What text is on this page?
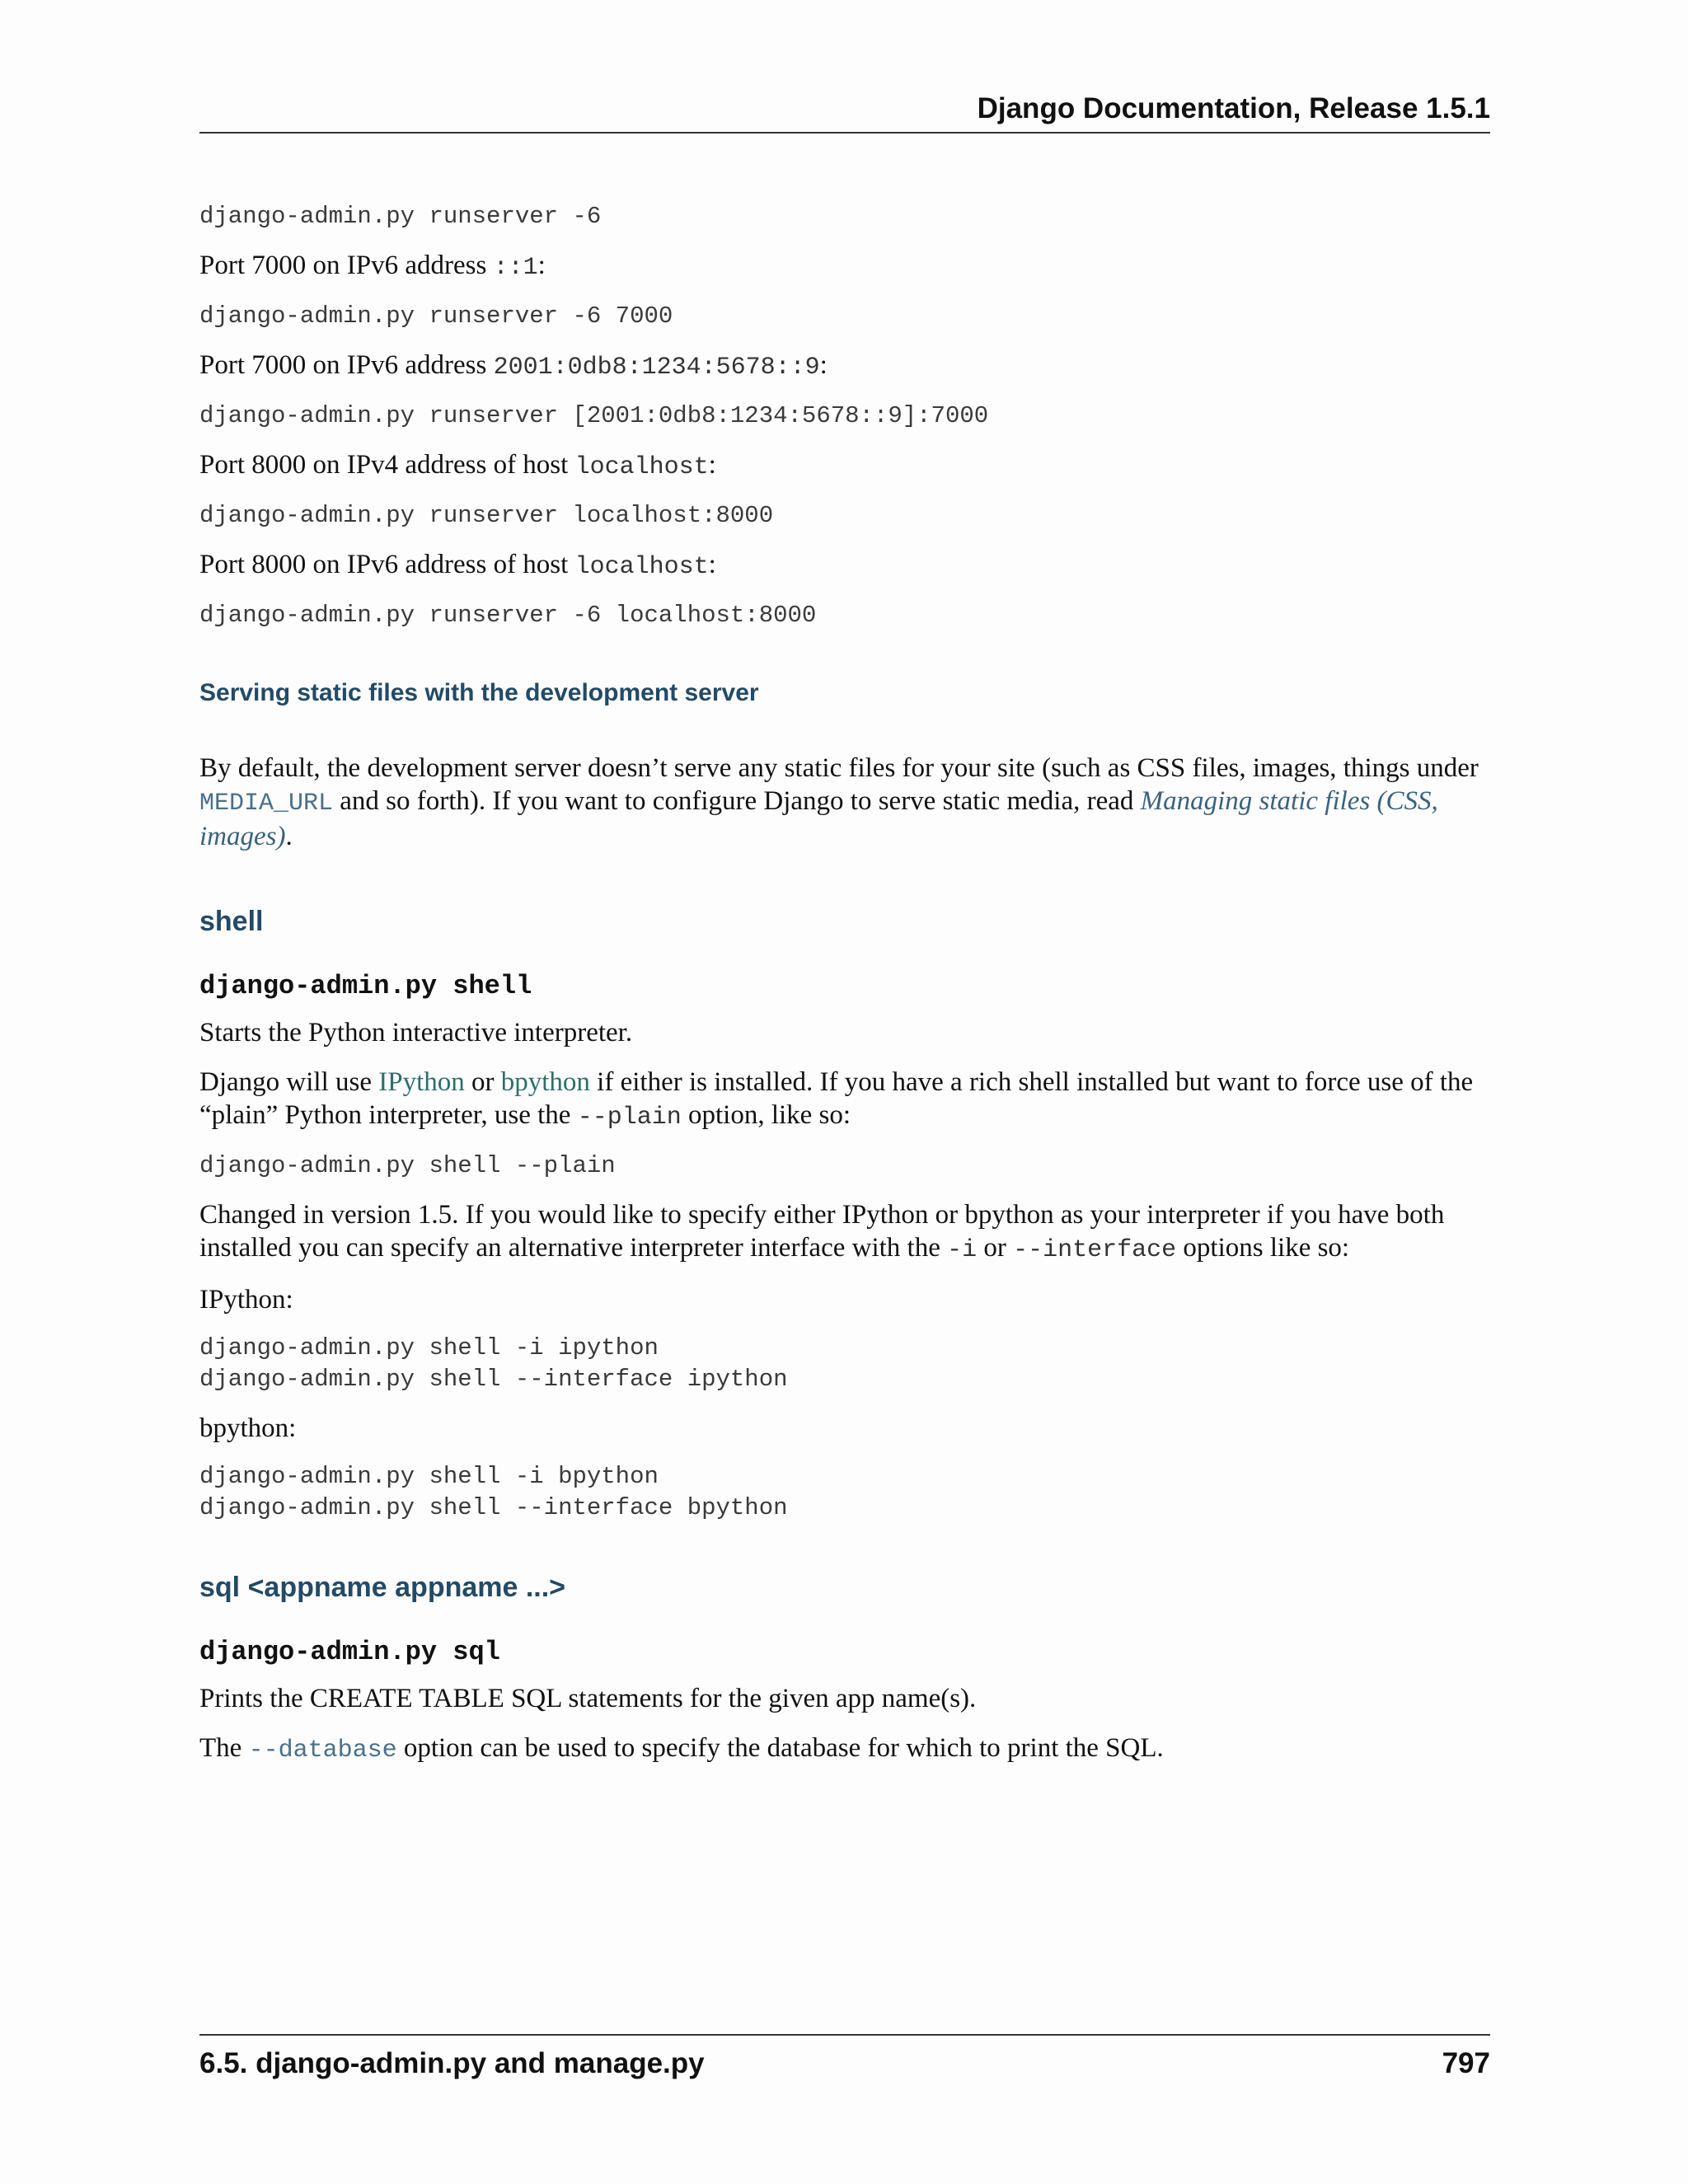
Django Documentation, Release 1.5.1
django-admin.py runserver -6

Port 7000 on IPv6 address ::1:

django-admin.py runserver -6 7000

Port 7000 on IPv6 address 2001:0db8:1234:5678::9:

django-admin.py runserver [2001:0db8:1234:5678::9]:7000

Port 8000 on IPv4 address of host localhost:

django-admin.py runserver localhost:8000

Port 8000 on IPv6 address of host localhost:

django-admin.py runserver -6 localhost:8000
Serving static files with the development server

By default, the development server doesn’t serve any static files for your site (such as CSS files, images, things under MEDIA_URL and so forth). If you want to configure Django to serve static media, read Managing static files (CSS, images).

shell
django-admin.py shell

Starts the Python interactive interpreter.

Django will use IPython or bpython if either is installed. If you have a rich shell installed but want to force use of the “plain” Python interpreter, use the --plain option, like so:

django-admin.py shell --plain

Changed in version 1.5. If you would like to specify either IPython or bpython as your interpreter if you have both installed you can specify an alternative interpreter interface with the -i or --interface options like so:

IPython:

django-admin.py shell -i ipython
django-admin.py shell --interface ipython

bpython:

django-admin.py shell -i bpython
django-admin.py shell --interface bpython
sql <appname appname ...>
django-admin.py sql

Prints the CREATE TABLE SQL statements for the given app name(s).

The --database option can be used to specify the database for which to print the SQL.

6.5. django-admin.py and manage.py	797
